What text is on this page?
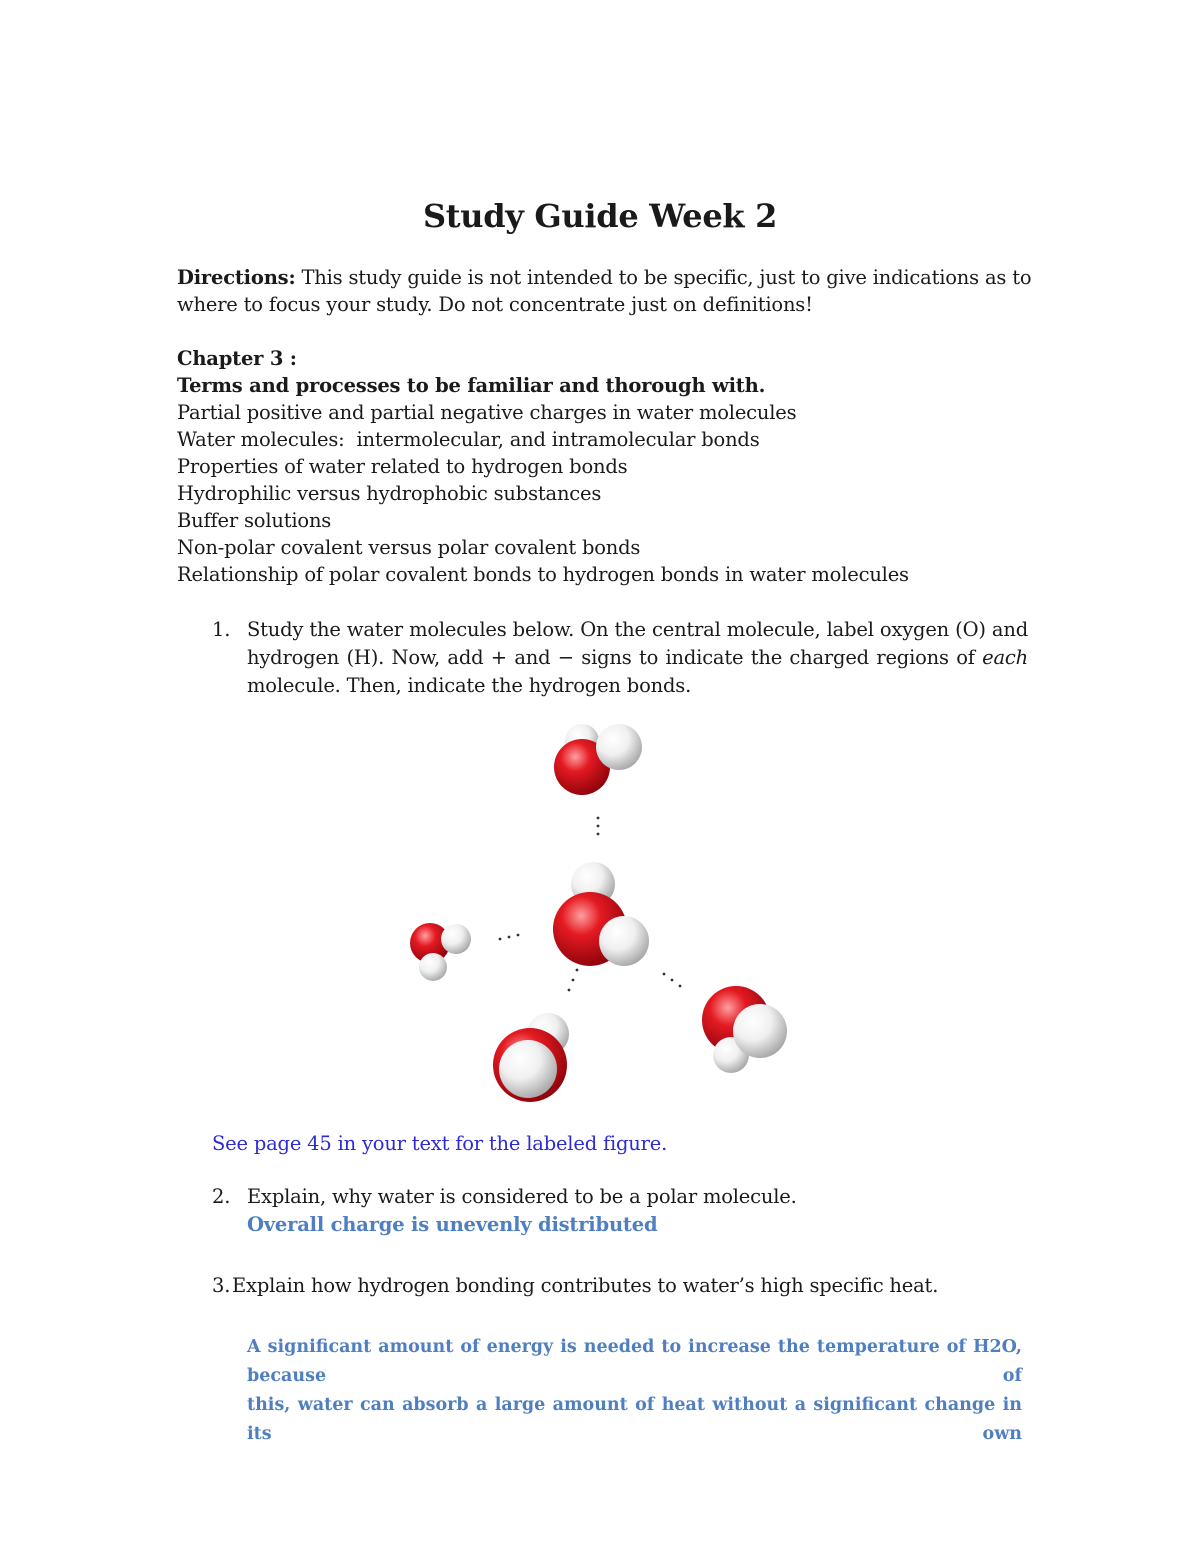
Study Guide Week 2
Directions: This study guide is not intended to be specific, just to give indications as to
where to focus your study. Do not concentrate just on definitions!
Chapter 3 :
Terms and processes to be familiar and thorough with.
Partial positive and partial negative charges in water molecules
Water molecules:  intermolecular, and intramolecular bonds
Properties of water related to hydrogen bonds
Hydrophilic versus hydrophobic substances
Buffer solutions
Non-polar covalent versus polar covalent bonds
Relationship of polar covalent bonds to hydrogen bonds in water molecules
1. Study the water molecules below. On the central molecule, label oxygen (O) and hydrogen (H). Now, add + and − signs to indicate the charged regions of each molecule. Then, indicate the hydrogen bonds.
See page 45 in your text for the labeled figure.
2. Explain, why water is considered to be a polar molecule.
Overall charge is unevenly distributed
3. Explain how hydrogen bonding contributes to water’s high specific heat.
A significant amount of energy is needed to increase the temperature of H2O, because of
this, water can absorb a large amount of heat without a significant change in its own
